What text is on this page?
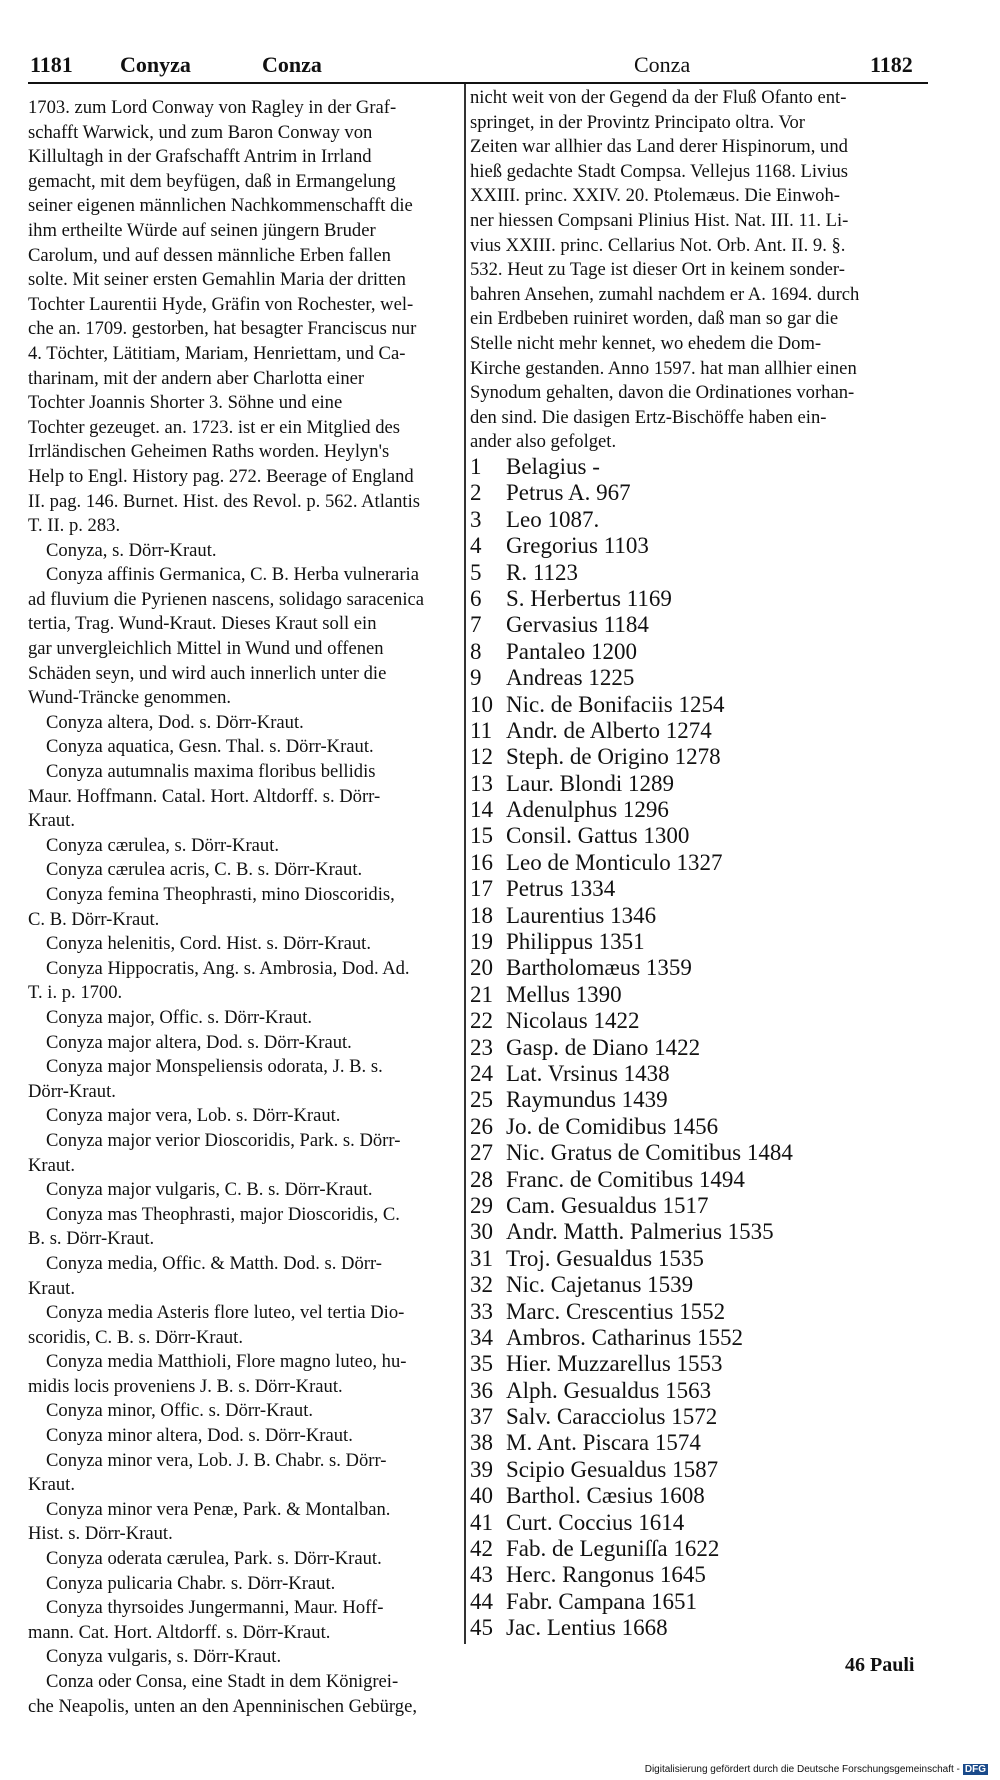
1181 Conyza	Conza	Conza	1182
1703. zum Lord Conway von Ragley in der Graf-
schafft Warwick, und zum Baron Conway von
Killultagh in der Grafschafft Antrim in Irrland
gemacht, mit dem beyfügen, daß in Ermangelung
seiner eigenen männlichen Nachkommenschafft die
ihm ertheilte Würde auf seinen jüngern Bruder
Carolum, und auf dessen männliche Erben fallen
solte. Mit seiner ersten Gemahlin Maria der dritten
Tochter Laurentii Hyde, Gräfin von Rochester, wel-
che an. 1709. gestorben, hat besagter Franciscus nur
4. Töchter, Lätitiam, Mariam, Henriettam, und Ca-
tharinam, mit der andern aber Charlotta einer
Tochter Joannis Shorter 3. Söhne und eine
Tochter gezeuget. an. 1723. ist er ein Mitglied des
Irrländischen Geheimen Raths worden. Heylyn's
Help to Engl. History pag. 272. Beerage of England
II. pag. 146. Burnet. Hist. des Revol. p. 562. Atlantis
T. II. p. 283.
Conyza, s. Dörr-Kraut.
Conyza affinis Germanica, C. B. Herba vulneraria
ad fluvium die Pyrienen nascens, solidago saracenica
tertia, Trag. Wund-Kraut. Dieses Kraut soll ein
gar unvergleichlich Mittel in Wund und offenen
Schäden seyn, und wird auch innerlich unter die
Wund-Träncke genommen.
Conyza altera, Dod. s. Dörr-Kraut.
Conyza aquatica, Gesn. Thal. s. Dörr-Kraut.
Conyza autumnalis maxima floribus bellidis
Maur. Hoffmann. Catal. Hort. Altdorff. s. Dörr-
Kraut.
Conyza cærulea, s. Dörr-Kraut.
Conyza cærulea acris, C. B. s. Dörr-Kraut.
Conyza femina Theophrasti, mino Dioscoridis,
C. B. Dörr-Kraut.
Conyza helenitis, Cord. Hist. s. Dörr-Kraut.
Conyza Hippocratis, Ang. s. Ambrosia, Dod. Ad.
T. i. p. 1700.
Conyza major, Offic. s. Dörr-Kraut.
Conyza major altera, Dod. s. Dörr-Kraut.
Conyza major Monspeliensis odorata, J. B. s.
Dörr-Kraut.
Conyza major vera, Lob. s. Dörr-Kraut.
Conyza major verior Dioscoridis, Park. s. Dörr-
Kraut.
Conyza major vulgaris, C. B. s. Dörr-Kraut.
Conyza mas Theophrasti, major Dioscoridis, C.
B. s. Dörr-Kraut.
Conyza media, Offic. & Matth. Dod. s. Dörr-
Kraut.
Conyza media Asteris flore luteo, vel tertia Dio-
scoridis, C. B. s. Dörr-Kraut.
Conyza media Matthioli, Flore magno luteo, hu-
midis locis proveniens J. B. s. Dörr-Kraut.
Conyza minor, Offic. s. Dörr-Kraut.
Conyza minor altera, Dod. s. Dörr-Kraut.
Conyza minor vera, Lob. J. B. Chabr. s. Dörr-
Kraut.
Conyza minor vera Penæ, Park. & Montalban.
Hist. s. Dörr-Kraut.
Conyza oderata cærulea, Park. s. Dörr-Kraut.
Conyza pulicaria Chabr. s. Dörr-Kraut.
Conyza thyrsoides Jungermanni, Maur. Hoff-
mann. Cat. Hort. Altdorff. s. Dörr-Kraut.
Conyza vulgaris, s. Dörr-Kraut.
Conza oder Consa, eine Stadt in dem Königrei-
che Neapolis, unten an den Apenninischen Gebürge,
nicht weit von der Gegend da der Fluß Ofanto ent-
springet, in der Provintz Principato oltra. Vor
Zeiten war allhier das Land derer Hispinorum, und
hieß gedachte Stadt Compsa. Vellejus 1168. Livius
XXIII. princ. XXIV. 20. Ptolemæus. Die Einwoh-
ner hiessen Compsani Plinius Hist. Nat. III. 11. Li-
vius XXIII. princ. Cellarius Not. Orb. Ant. II. 9. §.
532. Heut zu Tage ist dieser Ort in keinem sonder-
bahren Ansehen, zumahl nachdem er A. 1694. durch
ein Erdbeben ruiniret worden, daß man so gar die
Stelle nicht mehr kennet, wo ehedem die Dom-
Kirche gestanden. Anno 1597. hat man allhier einen
Synodum gehalten, davon die Ordinationes vorhan-
den sind. Die dasigen Ertz-Bischöffe haben ein-
ander also gefolget.
1 Belagius -
2 Petrus A. 967
3 Leo 1087.
4 Gregorius 1103
5 R. 1123
6 S. Herbertus 1169
7 Gervasius 1184
8 Pantaleo 1200
9 Andreas 1225
10 Nic. de Bonifaciis 1254
11 Andr. de Alberto 1274
12 Steph. de Origino 1278
13 Laur. Blondi 1289
14 Adenulphus 1296
15 Consil. Gattus 1300
16 Leo de Monticulo 1327
17 Petrus 1334
18 Laurentius 1346
19 Philippus 1351
20 Bartholomæus 1359
21 Mellus 1390
22 Nicolaus 1422
23 Gasp. de Diano 1422
24 Lat. Vrsinus 1438
25 Raymundus 1439
26 Jo. de Comidibus 1456
27 Nic. Gratus de Comitibus 1484
28 Franc. de Comitibus 1494
29 Cam. Gesualdus 1517
30 Andr. Matth. Palmerius 1535
31 Troj. Gesualdus 1535
32 Nic. Cajetanus 1539
33 Marc. Crescentius 1552
34 Ambros. Catharinus 1552
35 Hier. Muzzarellus 1553
36 Alph. Gesualdus 1563
37 Salv. Caracciolus 1572
38 M. Ant. Piscara 1574
39 Scipio Gesualdus 1587
40 Barthol. Cæsius 1608
41 Curt. Coccius 1614
42 Fab. de Leguniſſa 1622
43 Herc. Rangonus 1645
44 Fabr. Campana 1651
45 Jac. Lentius 1668
46 Pauli
Digitalisierung gefördert durch die Deutsche Forschungsgemeinschaft - DFG
